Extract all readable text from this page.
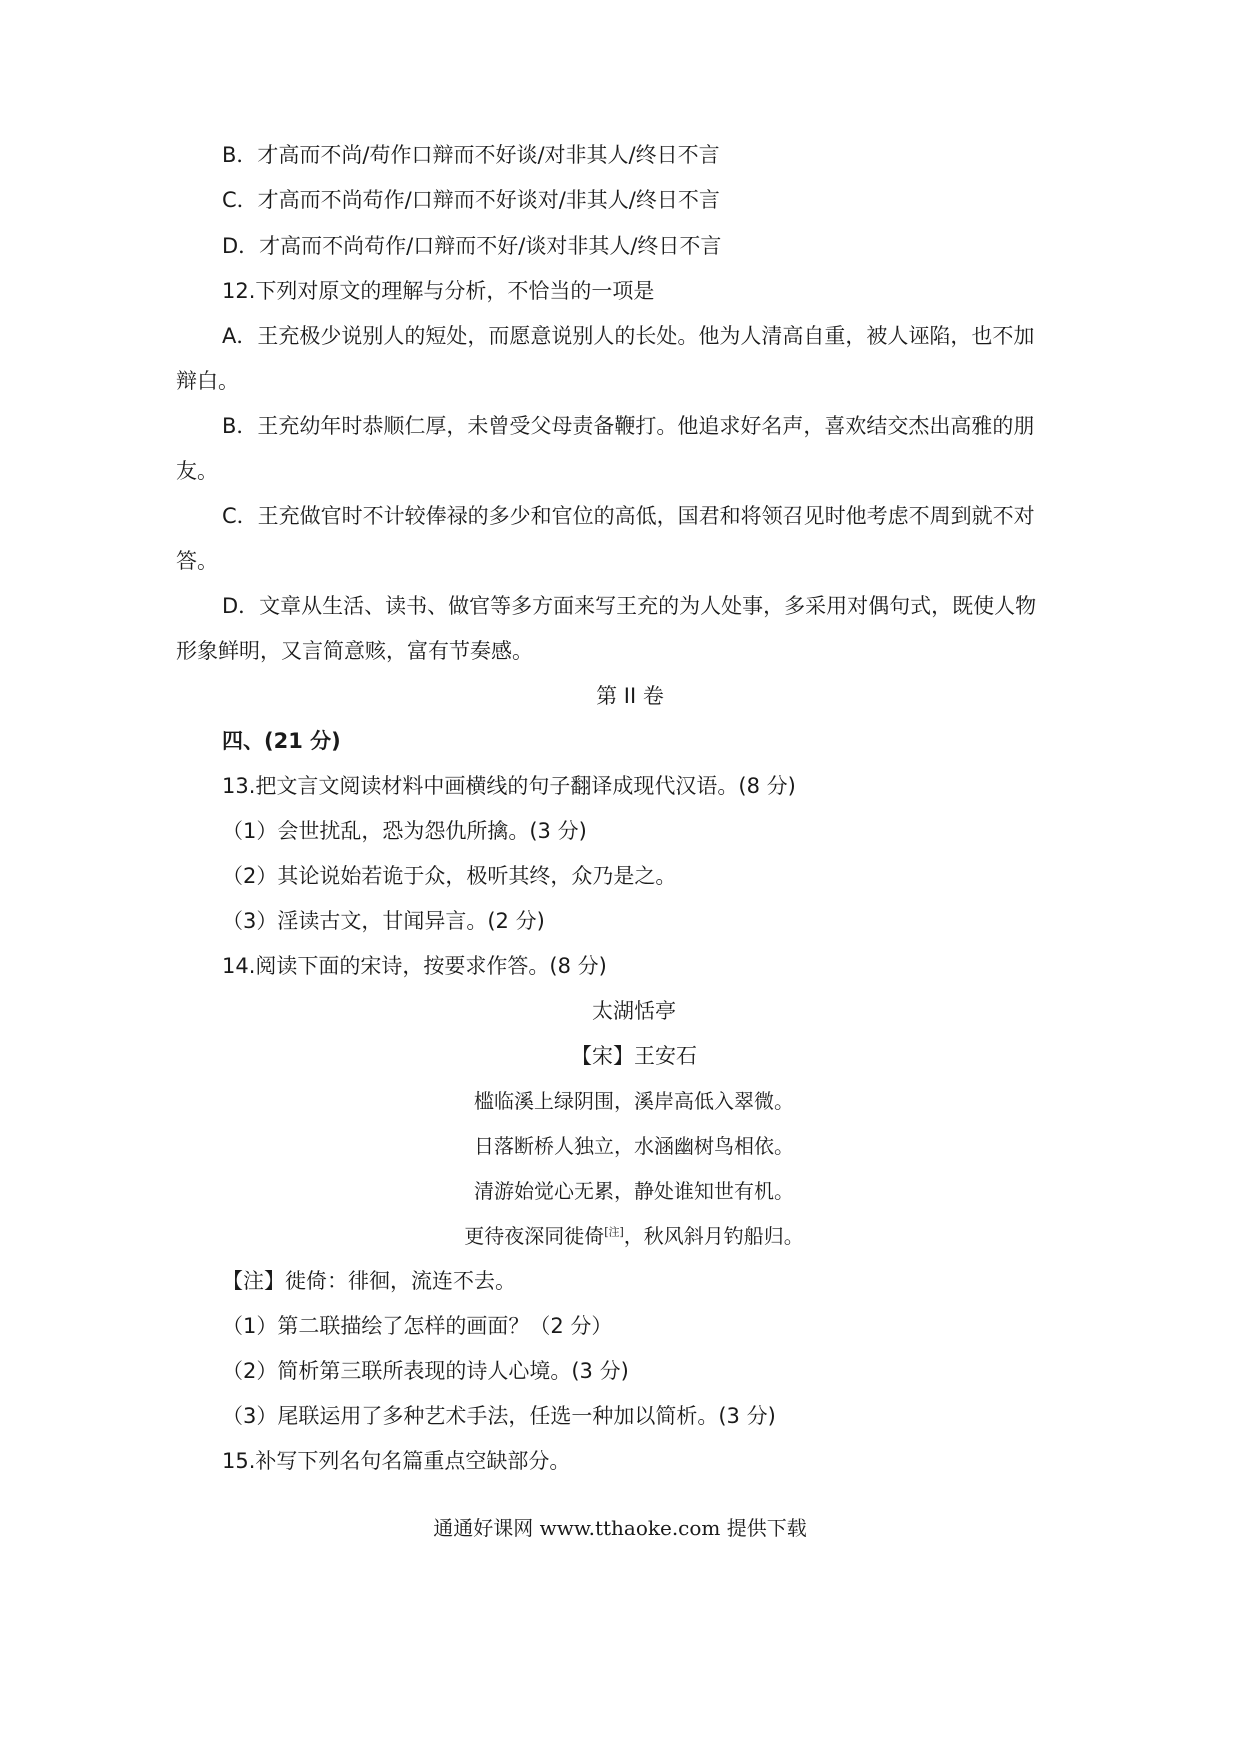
B．才高而不尚/苟作口辩而不好谈/对非其人/终日不言
C．才高而不尚苟作/口辩而不好谈对/非其人/终日不言
D．才高而不尚苟作/口辩而不好/谈对非其人/终日不言
12.下列对原文的理解与分析，不恰当的一项是
A．王充极少说别人的短处，而愿意说别人的长处。他为人清高自重，被人诬陷，也不加
辩白。
B．王充幼年时恭顺仁厚，未曾受父母责备鞭打。他追求好名声，喜欢结交杰出高雅的朋
友。
C．王充做官时不计较俸禄的多少和官位的高低，国君和将领召见时他考虑不周到就不对
答。
D．文章从生活、读书、做官等多方面来写王充的为人处事，多采用对偶句式，既使人物
形象鲜明，又言简意赅，富有节奏感。
第 II 卷
四、(21 分)
13.把文言文阅读材料中画横线的句子翻译成现代汉语。(8 分)
（1）会世扰乱，恐为怨仇所擒。(3 分)
（2）其论说始若诡于众，极听其终，众乃是之。
（3）淫读古文，甘闻异言。(2 分)
14.阅读下面的宋诗，按要求作答。(8 分)
太湖恬亭
【宋】王安石
槛临溪上绿阴围，溪岸高低入翠微。
日落断桥人独立，水涵幽树鸟相依。
清游始觉心无累，静处谁知世有机。
更待夜深同徙倚[注]，秋风斜月钓船归。
【注】徙倚：徘徊，流连不去。
（1）第二联描绘了怎样的画面？（2 分）
（2）简析第三联所表现的诗人心境。(3 分)
（3）尾联运用了多种艺术手法，任选一种加以简析。(3 分)
15.补写下列名句名篇重点空缺部分。
通通好课网 www.tthaoke.com 提供下载
